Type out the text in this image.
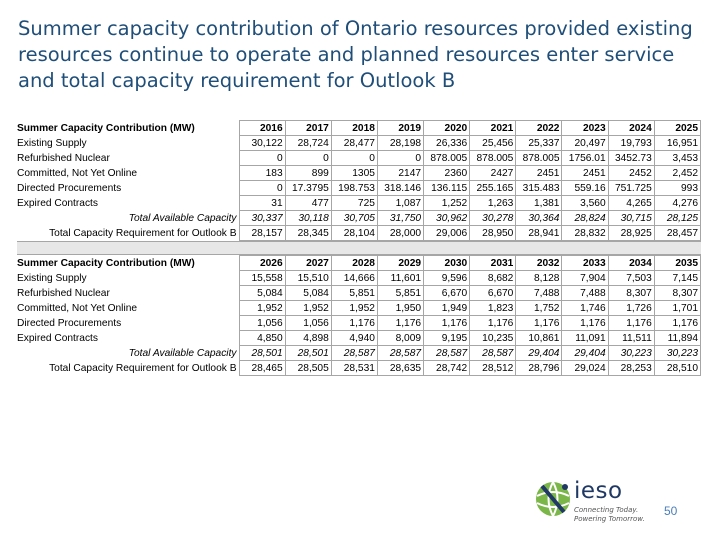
Summer capacity contribution of Ontario resources provided existing resources continue to operate and planned resources enter service and total capacity requirement for Outlook B
Summer Capacity Contribution (MW)	2016	2017	2018	2019	2020	2021	2022	2023	2024	2025
Existing Supply	30,122	28,724	28,477	28,198	26,336	25,456	25,337	20,497	19,793	16,951
Refurbished Nuclear	0	0	0	0	878.005	878.005	878.005	1756.01	3452.73	3,453
Committed, Not Yet Online	183	899	1305	2147	2360	2427	2451	2451	2452	2,452
Directed Procurements	0	17.3795	198.753	318.146	136.115	255.165	315.483	559.16	751.725	993
Expired Contracts	31	477	725	1,087	1,252	1,263	1,381	3,560	4,265	4,276
Total Available Capacity	30,337	30,118	30,705	31,750	30,962	30,278	30,364	28,824	30,715	28,125
Total Capacity Requirement for Outlook B	28,157	28,345	28,104	28,000	29,006	28,950	28,941	28,832	28,925	28,457
Summer Capacity Contribution (MW)	2026	2027	2028	2029	2030	2031	2032	2033	2034	2035
Existing Supply	15,558	15,510	14,666	11,601	9,596	8,682	8,128	7,904	7,503	7,145
Refurbished Nuclear	5,084	5,084	5,851	5,851	6,670	6,670	7,488	7,488	8,307	8,307
Committed, Not Yet Online	1,952	1,952	1,952	1,950	1,949	1,823	1,752	1,746	1,726	1,701
Directed Procurements	1,056	1,056	1,176	1,176	1,176	1,176	1,176	1,176	1,176	1,176
Expired Contracts	4,850	4,898	4,940	8,009	9,195	10,235	10,861	11,091	11,511	11,894
Total Available Capacity	28,501	28,501	28,587	28,587	28,587	28,587	29,404	29,404	30,223	30,223
Total Capacity Requirement for Outlook B	28,465	28,505	28,531	28,635	28,742	28,512	28,796	29,024	28,253	28,510
ieso
Connecting Today.
Powering Tomorrow.
50
